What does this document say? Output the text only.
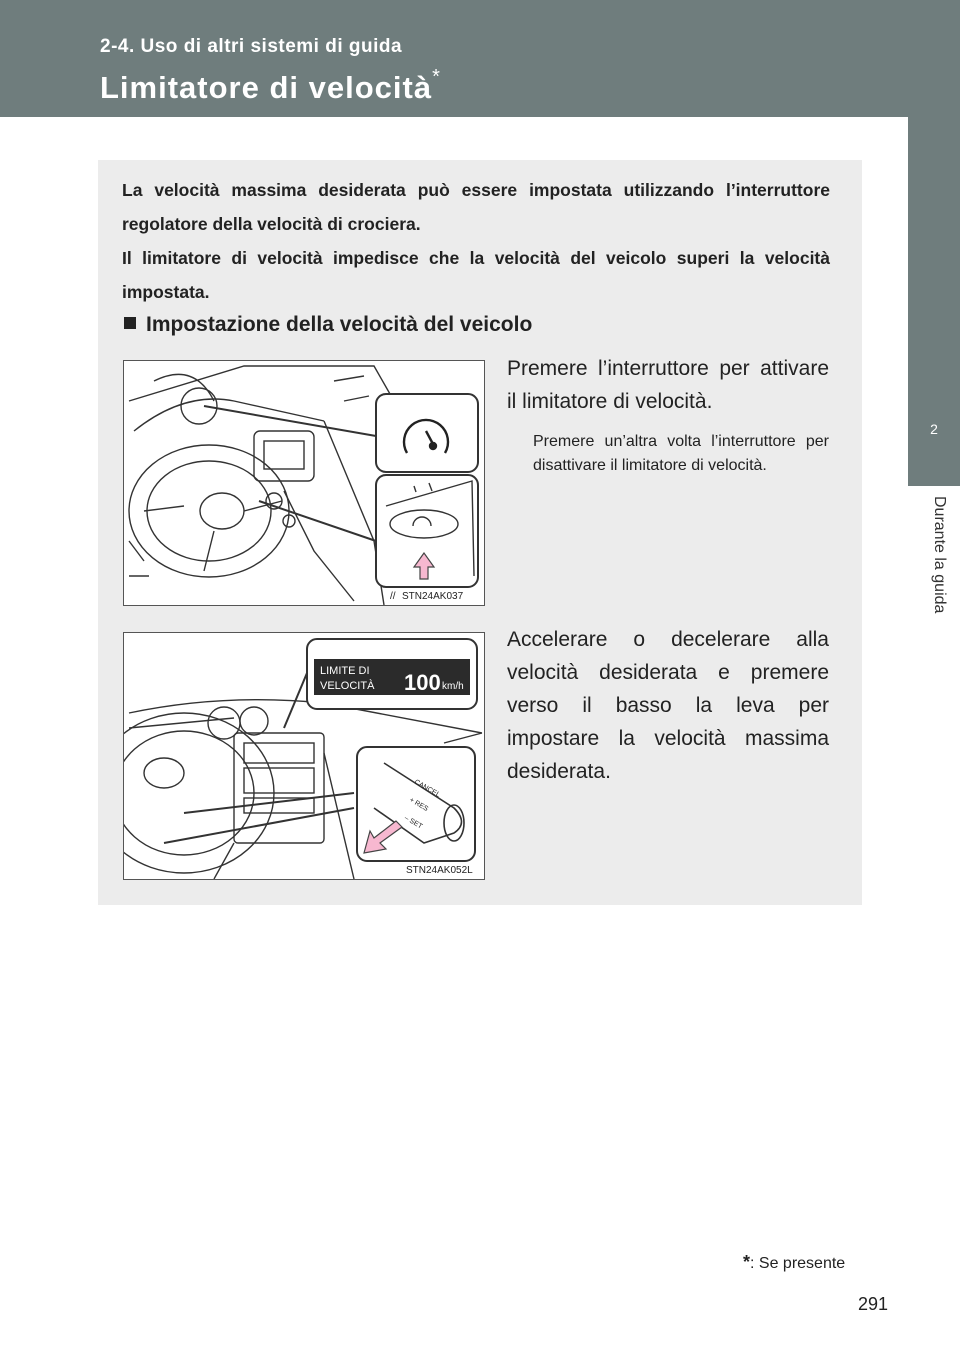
2-4. Uso di altri sistemi di guida
Limitatore di velocità*
2
Durante la guida

La velocità massima desiderata può essere impostata utilizzando l’interruttore regolatore della velocità di crociera.

Il limitatore di velocità impedisce che la velocità del veicolo superi la velocità impostata.

Impostazione della velocità del veicolo
// STN24AK037

Premere l’interruttore per attivare il limitatore di velocità.

Premere un’altra volta l’interruttore per disattivare il limitatore di velocità.

LIMITE DI
VELOCITÀ 100 km/h
CANCEL
+ RES
– SET
STN24AK052L
Accelerare o decelerare alla velocità desiderata e premere verso il basso la leva per impostare la velocità massima desiderata.
*: Se presente
291
